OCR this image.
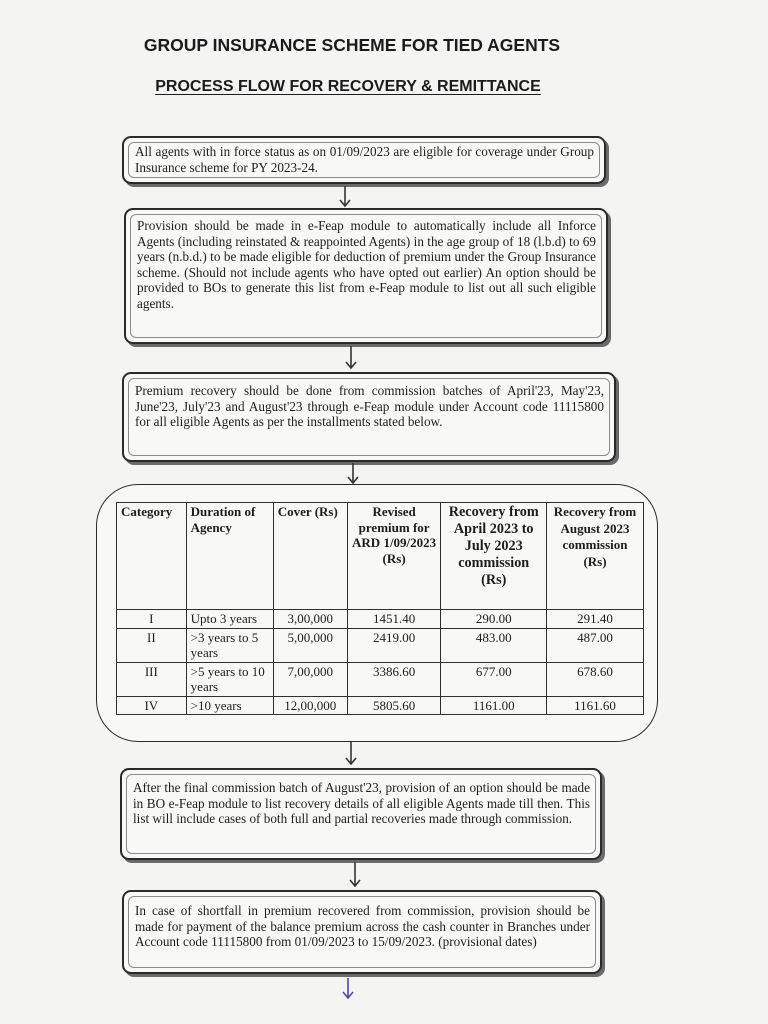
GROUP INSURANCE SCHEME FOR TIED AGENTS
PROCESS FLOW FOR RECOVERY & REMITTANCE
All agents with in force status as on 01/09/2023 are eligible for coverage under Group Insurance scheme for PY 2023-24.
Provision should be made in e-Feap module to automatically include all Inforce Agents (including reinstated & reappointed Agents) in the age group of 18 (l.b.d) to 69 years (n.b.d.) to be made eligible for deduction of premium under the Group Insurance scheme. (Should not include agents who have opted out earlier) An option should be provided to BOs to generate this list from e-Feap module to list out all such eligible agents.
Premium recovery should be done from commission batches of April'23, May'23, June'23, July'23 and August'23 through e-Feap module under Account code 11115800 for all eligible Agents as per the installments stated below.
Category	Duration of Agency	Cover (Rs)	Revised premium for ARD 1/09/2023 (Rs)	Recovery from April 2023 to July 2023 commission (Rs)	Recovery from August 2023 commission (Rs)
I	Upto 3 years	3,00,000	1451.40	290.00	291.40
II	>3 years to 5 years	5,00,000	2419.00	483.00	487.00
III	>5 years to 10 years	7,00,000	3386.60	677.00	678.60
IV	>10 years	12,00,000	5805.60	1161.00	1161.60
After the final commission batch of August'23, provision of an option should be made in BO e-Feap module to list recovery details of all eligible Agents made till then. This list will include cases of both full and partial recoveries made through commission.
In case of shortfall in premium recovered from commission, provision should be made for payment of the balance premium across the cash counter in Branches under Account code 11115800 from 01/09/2023 to 15/09/2023. (provisional dates)
